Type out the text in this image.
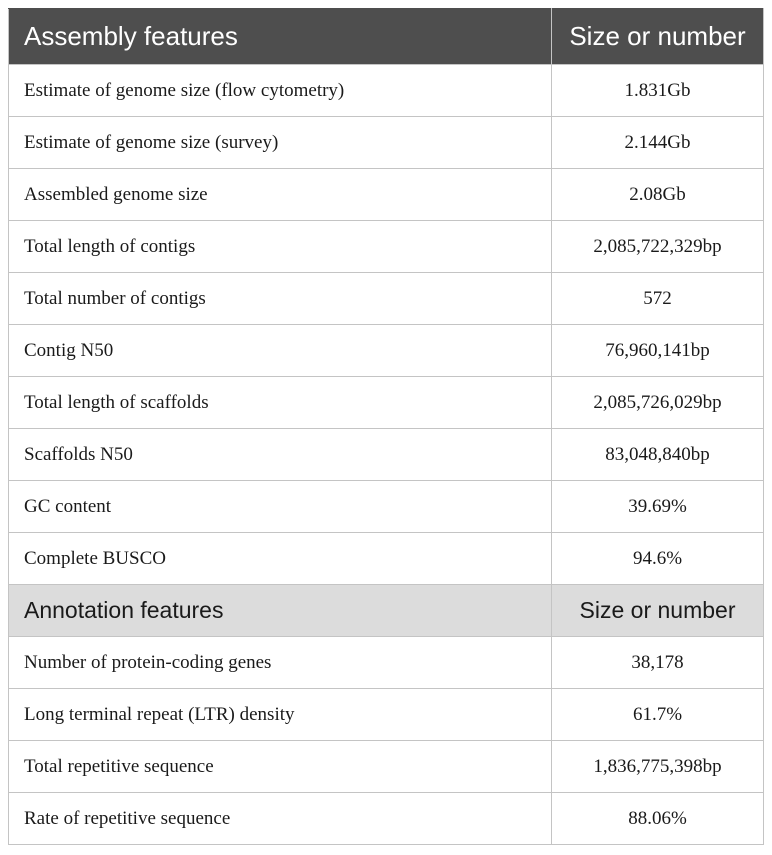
Assembly features	Size or number
Estimate of genome size (flow cytometry)	1.831Gb
Estimate of genome size (survey)	2.144Gb
Assembled genome size	2.08Gb
Total length of contigs	2,085,722,329bp
Total number of contigs	572
Contig N50	76,960,141bp
Total length of scaffolds	2,085,726,029bp
Scaffolds N50	83,048,840bp
GC content	39.69%
Complete BUSCO	94.6%
Annotation features	Size or number
Number of protein-coding genes	38,178
Long terminal repeat (LTR) density	61.7%
Total repetitive sequence	1,836,775,398bp
Rate of repetitive sequence	88.06%
